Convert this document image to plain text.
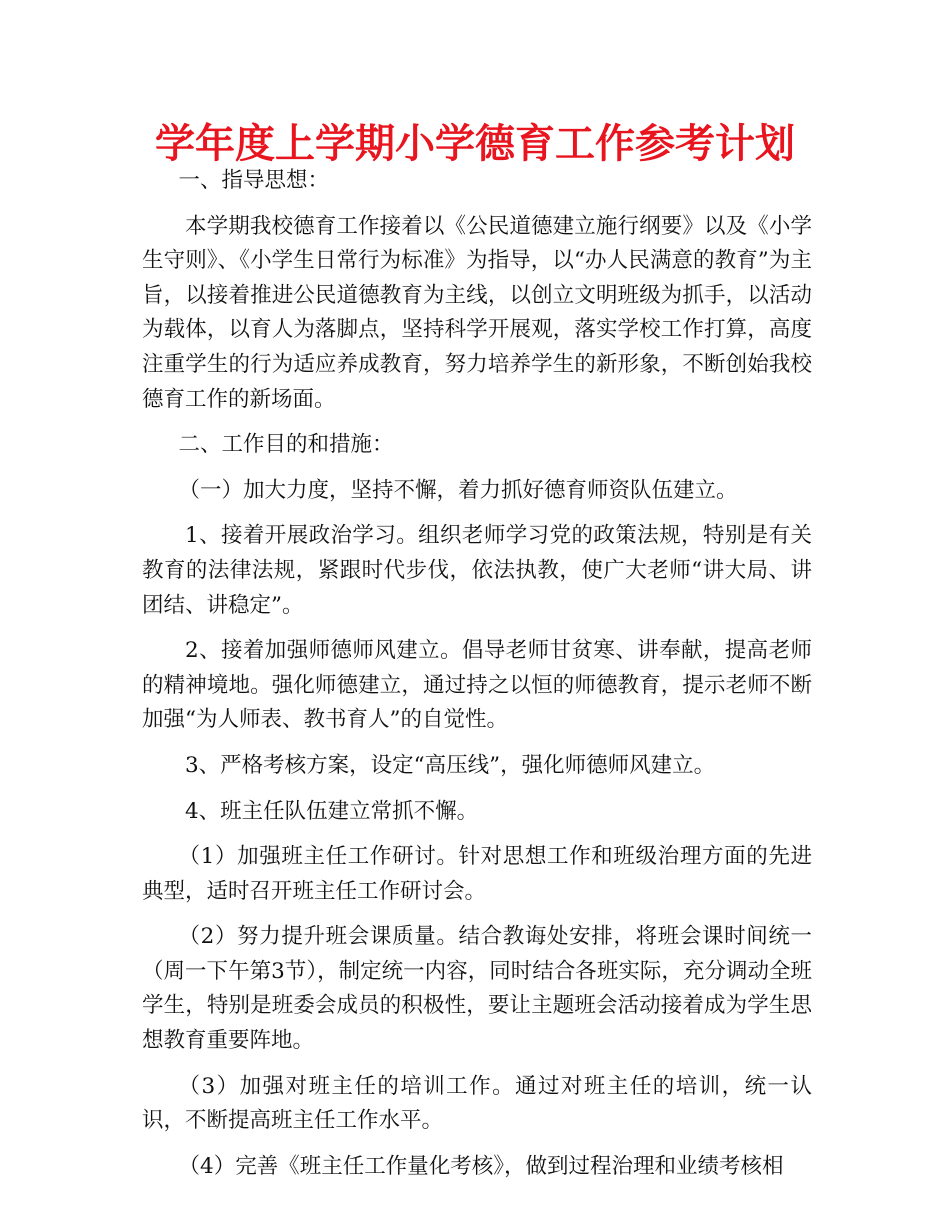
学年度上学期小学德育工作参考计划

一、指导思想：

本学期我校德育工作接着以《公民道德建立施行纲要》以及《小学生守则》、《小学生日常行为标准》为指导，以“办人民满意的教育”为主旨，以接着推进公民道德教育为主线，以创立文明班级为抓手，以活动为载体，以育人为落脚点，坚持科学开展观，落实学校工作打算，高度注重学生的行为适应养成教育，努力培养学生的新形象，不断创始我校德育工作的新场面。

二、工作目的和措施：

（一）加大力度，坚持不懈，着力抓好德育师资队伍建立。

1、接着开展政治学习。组织老师学习党的政策法规，特别是有关教育的法律法规，紧跟时代步伐，依法执教，使广大老师“讲大局、讲团结、讲稳定”。

2、接着加强师德师风建立。倡导老师甘贫寒、讲奉献，提高老师的精神境地。强化师德建立，通过持之以恒的师德教育，提示老师不断加强“为人师表、教书育人”的自觉性。

3、严格考核方案，设定“高压线”，强化师德师风建立。

4、班主任队伍建立常抓不懈。

（1）加强班主任工作研讨。针对思想工作和班级治理方面的先进典型，适时召开班主任工作研讨会。

（2）努力提升班会课质量。结合教诲处安排，将班会课时间统一（周一下午第3节），制定统一内容，同时结合各班实际，充分调动全班学生，特别是班委会成员的积极性，要让主题班会活动接着成为学生思想教育重要阵地。

（3）加强对班主任的培训工作。通过对班主任的培训，统一认识，不断提高班主任工作水平。

（4）完善《班主任工作量化考核》，做到过程治理和业绩考核相
